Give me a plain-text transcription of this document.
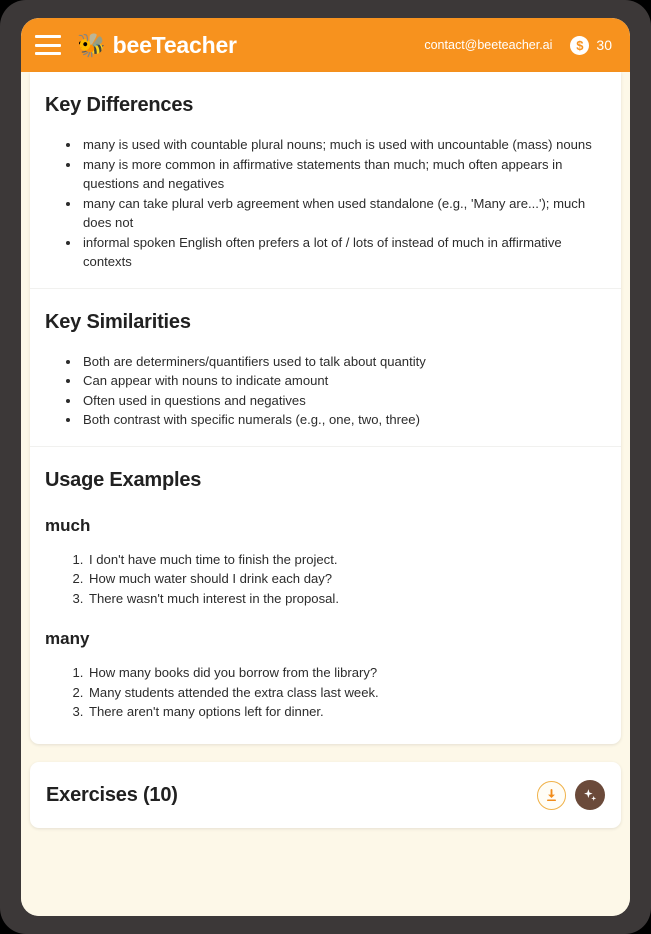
🐝 beeTeacher	contact@beeteacher.ai	$ 30
Key Differences
• many is used with countable plural nouns; much is used with uncountable (mass) nouns
• many is more common in affirmative statements than much; much often appears in questions and negatives
• many can take plural verb agreement when used standalone (e.g., 'Many are...'); much does not
• informal spoken English often prefers a lot of / lots of instead of much in affirmative contexts
Key Similarities
• Both are determiners/quantifiers used to talk about quantity
• Can appear with nouns to indicate amount
• Often used in questions and negatives
• Both contrast with specific numerals (e.g., one, two, three)
Usage Examples
much
1. I don't have much time to finish the project.
2. How much water should I drink each day?
3. There wasn't much interest in the proposal.
many
1. How many books did you borrow from the library?
2. Many students attended the extra class last week.
3. There aren't many options left for dinner.
Exercises (10)
